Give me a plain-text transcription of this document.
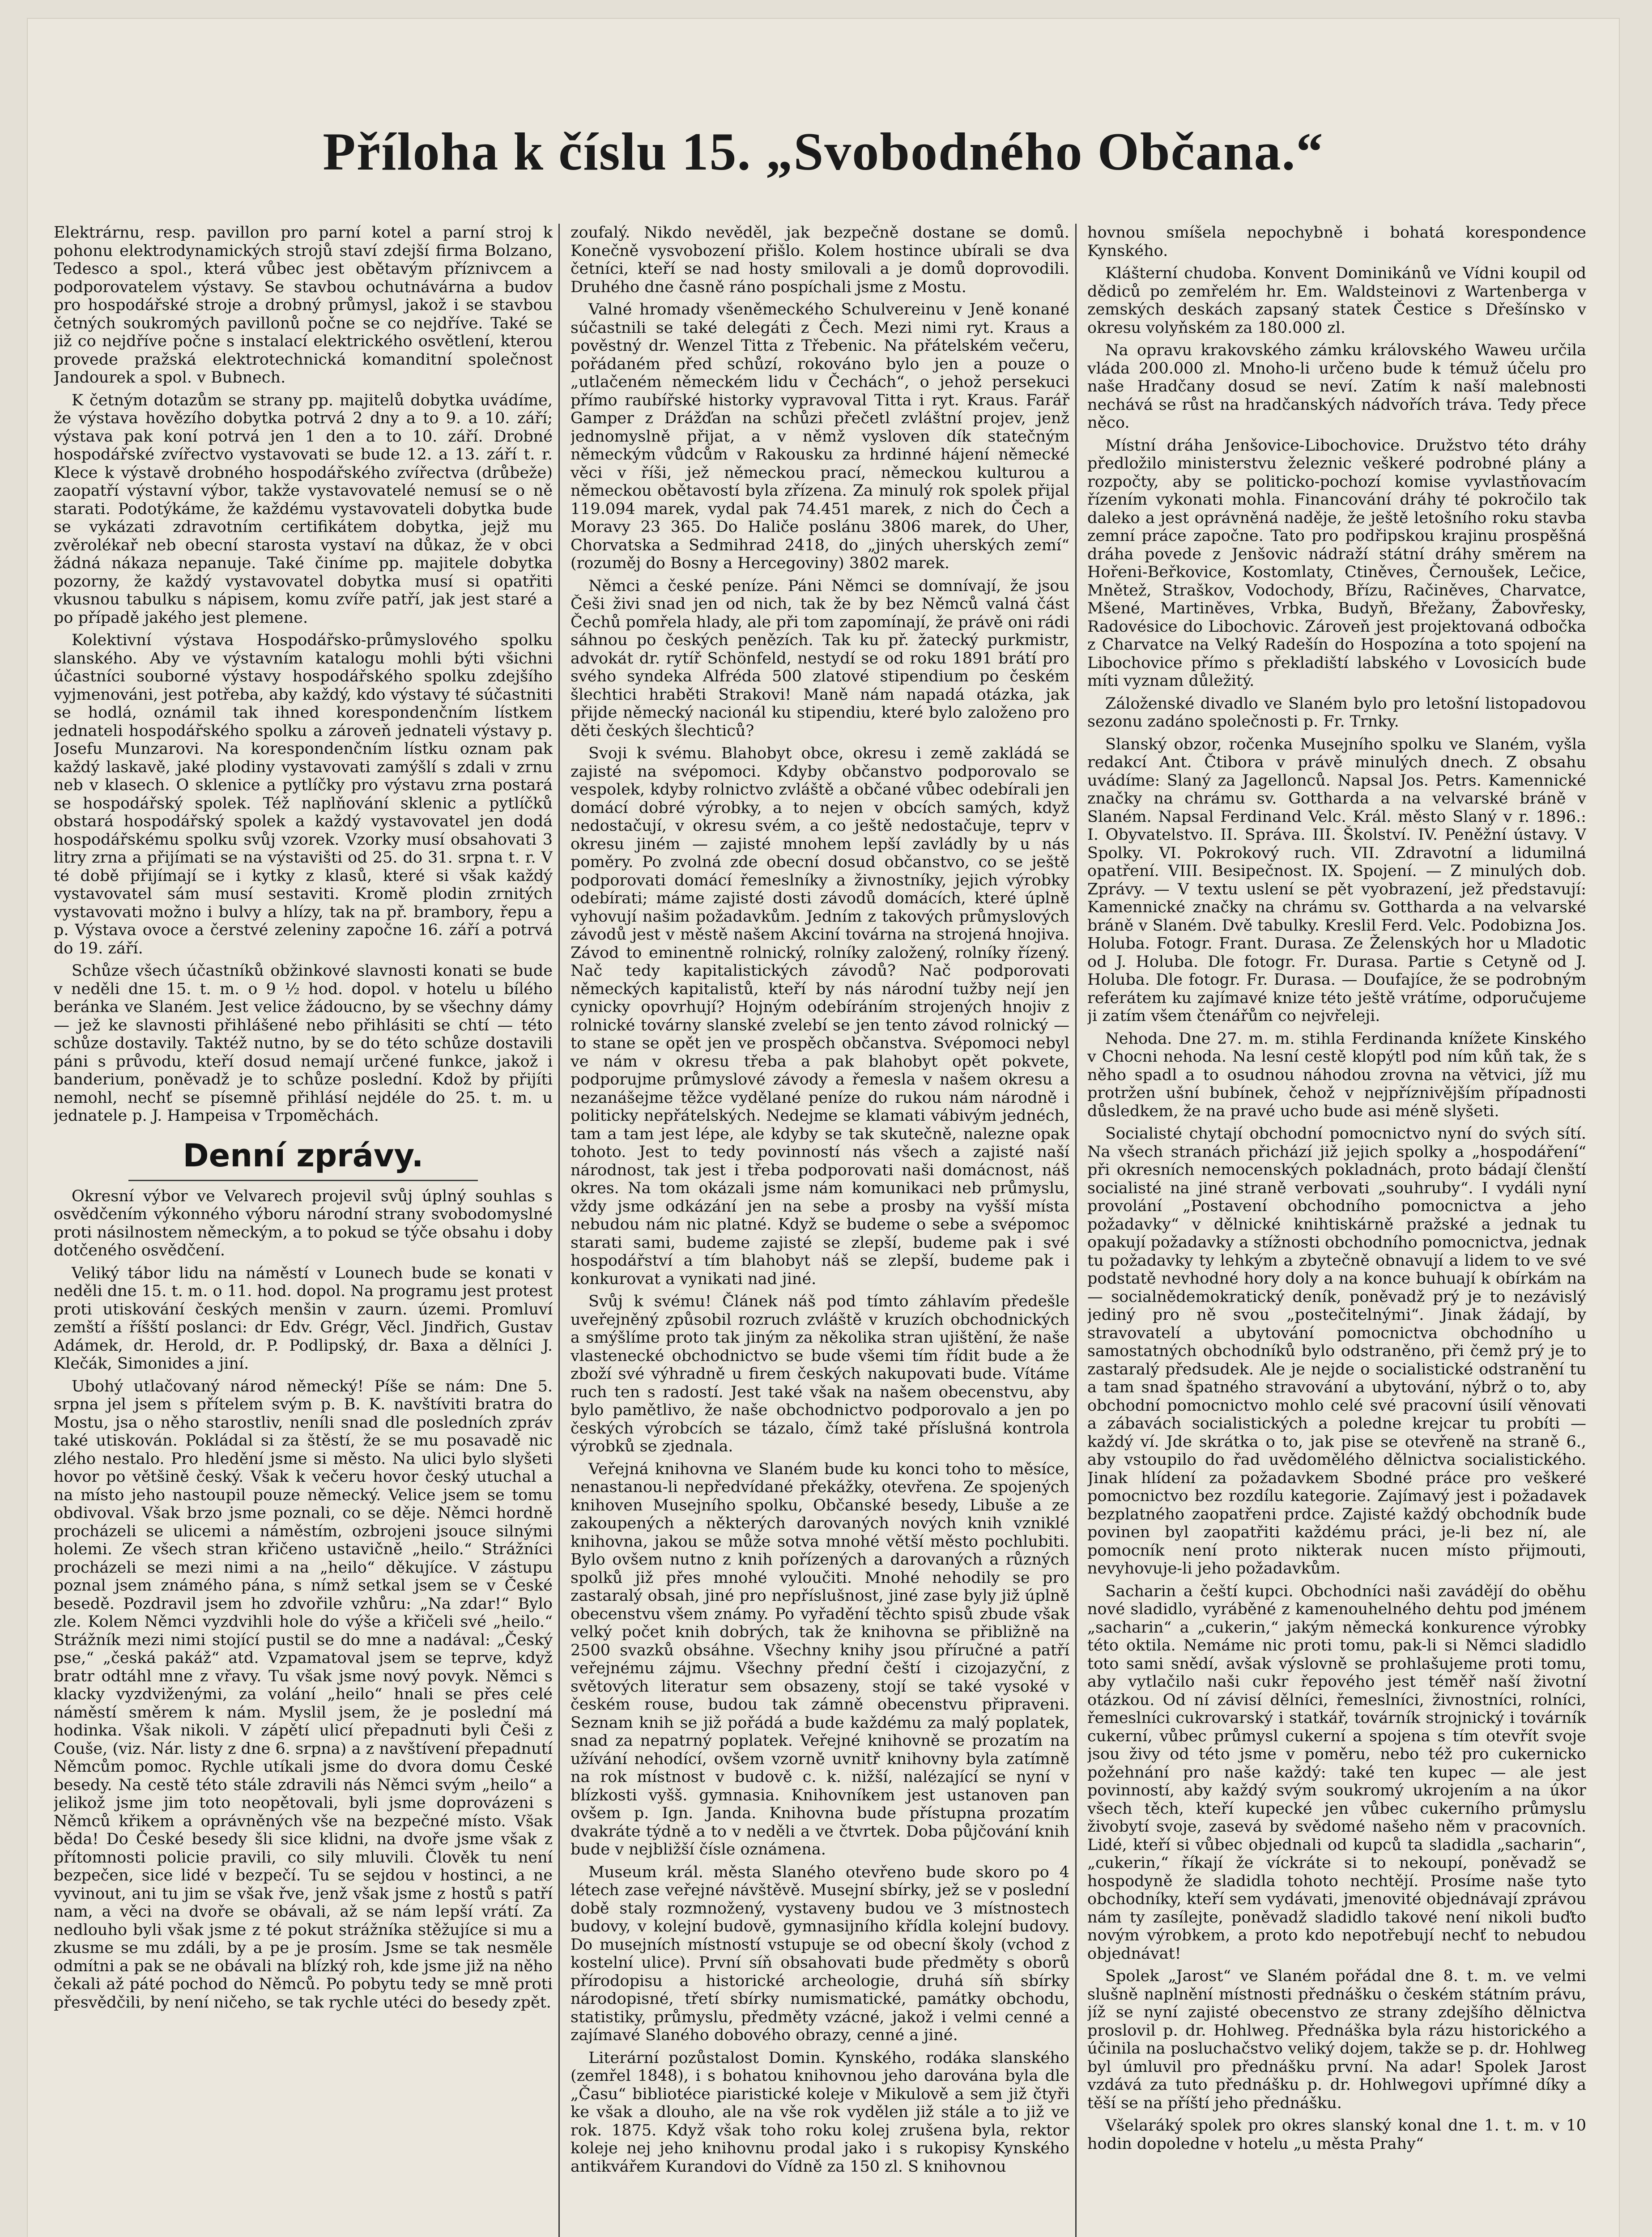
Příloha k číslu 15. „Svobodného Občana.“

Elektrárnu, resp. pavillon pro parní kotel a parní stroj k pohonu elektrodynamických strojů staví zdejší firma Bolzano, Tedesco a spol., která vůbec jest obětavým příznivcem a podporovatelem výstavy. Se stavbou ochutnávárna a budov pro hospodářské stroje a drobný průmysl, jakož i se stavbou četných soukromých pavillonů počne se co nejdříve. Také se již co nejdříve počne s instalací elektrického osvětlení, kterou provede pražská elektrotechnická komanditní společnost Jandourek a spol. v Bubnech.

K četným dotazům se strany pp. majitelů dobytka uvádíme, že výstava hovězího dobytka potrvá 2 dny a to 9. a 10. září; výstava pak koní potrvá jen 1 den a to 10. září. Drobné hospodářské zvířectvo vystavovati se bude 12. a 13. září t. r. Klece k výstavě drobného hospodářského zvířectva (drůbeže) zaopatří výstavní výbor, takže vystavovatelé nemusí se o ně starati. Podotýkáme, že každému vystavovateli dobytka bude se vykázati zdravotním certifikátem dobytka, jejž mu zvěrolékař neb obecní starosta vystaví na důkaz, že v obci žádná nákaza nepanuje. Také činíme pp. majitele dobytka pozorny, že každý vystavovatel dobytka musí si opatřiti vkusnou tabulku s nápisem, komu zvíře patří, jak jest staré a po případě jakého jest plemene.

Kolektivní výstava Hospodářsko-průmyslového spolku slanského. Aby ve výstavním katalogu mohli býti všichni účastníci souborné výstavy hospodářského spolku zdejšího vyjmenováni, jest potřeba, aby každý, kdo výstavy té súčastniti se hodlá, oznámil tak ihned korespondenčním lístkem jednateli hospodářského spolku a zároveň jednateli výstavy p. Josefu Munzarovi. Na korespondenčním lístku oznam pak každý laskavě, jaké plodiny vystavovati zamýšlí s zdali v zrnu neb v klasech. O sklenice a pytlíčky pro výstavu zrna postará se hospodářský spolek. Též naplňování sklenic a pytlíčků obstará hospodářský spolek a každý vystavovatel jen dodá hospodářskému spolku svůj vzorek. Vzorky musí obsahovati 3 litry zrna a přijímati se na výstavišti od 25. do 31. srpna t. r. V té době přijímají se i kytky z klasů, které si však každý vystavovatel sám musí sestaviti. Kromě plodin zrnitých vystavovati možno i bulvy a hlízy, tak na př. brambory, řepu a p. Výstava ovoce a čerstvé zeleniny započne 16. září a potrvá do 19. září.

Schůze všech účastníků obžinkové slavnosti konati se bude v neděli dne 15. t. m. o 9 ½ hod. dopol. v hotelu u bílého beránka ve Slaném. Jest velice žádoucno, by se všechny dámy — jež ke slavnosti přihlášené nebo přihlásiti se chtí — této schůze dostavily. Taktéž nutno, by se do této schůze dostavili páni s průvodu, kteří dosud nemají určené funkce, jakož i banderium, poněvadž je to schůze poslední. Kdož by přijíti nemohl, nechť se písemně přihlásí nejdéle do 25. t. m. u jednatele p. J. Hampeisa v Trpoměchách.

Denní zprávy.

Okresní výbor ve Velvarech projevil svůj úplný souhlas s osvědčením výkonného výboru národní strany svobodomyslné proti násilnostem německým, a to pokud se týče obsahu i doby dotčeného osvědčení.

Veliký tábor lidu na náměstí v Lounech bude se konati v neděli dne 15. t. m. o 11. hod. dopol. Na programu jest protest proti utiskování českých menšin v zaurn. územi. Promluví zemští a říšští poslanci: dr Edv. Grégr, Věcl. Jindřich, Gustav Adámek, dr. Herold, dr. P. Podlipský, dr. Baxa a dělníci J. Klečák, Simonides a jiní.

Ubohý utlačovaný národ německý! Píše se nám: Dne 5. srpna jel jsem s přítelem svým p. B. K. navštíviti bratra do Mostu, jsa o něho starostliv, neníli snad dle posledních zpráv také utiskován. Pokládal si za štěstí, že se mu posavadě nic zlého nestalo. Pro hledění jsme si město. Na ulici bylo slyšeti hovor po většině český. Však k večeru hovor český utuchal a na místo jeho nastoupil pouze německý. Velice jsem se tomu obdivoval. Však brzo jsme poznali, co se děje. Němci hordně procházeli se ulicemi a náměstím, ozbrojeni jsouce silnými holemi. Ze všech stran křičeno ustavičně „heilo.“ Strážníci procházeli se mezi nimi a na „heilo“ děkujíce. V zástupu poznal jsem známého pána, s nímž setkal jsem se v České besedě. Pozdravil jsem ho zdvořile vzhůru: „Na zdar!“ Bylo zle. Kolem Němci vyzdvihli hole do výše a křičeli své „heilo.“ Strážník mezi nimi stojící pustil se do mne a nadával: „Český pse,“ „česká pakáž“ atd. Vzpamatoval jsem se teprve, když bratr odtáhl mne z vřavy. Tu však jsme nový povyk. Němci s klacky vyzdviženými, za volání „heilo“ hnali se přes celé náměstí směrem k nám. Myslil jsem, že je poslední má hodinka. Však nikoli. V zápětí ulicí přepadnuti byli Češi z Couše, (viz. Nár. listy z dne 6. srpna) a z navštívení přepadnutí Němcům pomoc. Rychle utíkali jsme do dvora domu České besedy. Na cestě této stále zdravili nás Němci svým „heilo“ a jelikož jsme jim toto neopětovali, byli jsme doprovázeni s Němců křikem a oprávněných vše na bezpečné místo. Však běda! Do České besedy šli sice klidni, na dvoře jsme však z přítomnosti policie pravili, co sily mluvili. Člověk tu není bezpečen, sice lidé v bezpečí. Tu se sejdou v hostinci, a ne vyvinout, ani tu jim se však řve, jenž však jsme z hostů s patří nam, a věci na dvoře se obávali, až se nám lepší vrátí. Za nedlouho byli však jsme z té pokut strážníka stěžujíce si mu a zkusme se mu zdáli, by a pe je prosím. Jsme se tak nesměle odmítni a pak se ne obávali na blízký roh, kde jsme již na něho čekali až páté pochod do Němců. Po pobytu tedy se mně proti přesvědčili, by není ničeho, se tak rychle utéci do besedy zpět.

zoufalý. Nikdo nevěděl, jak bezpečně dostane se domů. Konečně vysvobození přišlo. Kolem hostince ubírali se dva četníci, kteří se nad hosty smilovali a je domů doprovodili. Druhého dne časně ráno pospíchali jsme z Mostu.

Valné hromady všeněmeckého Schulvereinu v Jeně konané súčastnili se také delegáti z Čech. Mezi nimi ryt. Kraus a pověstný dr. Wenzel Titta z Třebenic. Na přátelském večeru, pořádaném před schůzí, rokováno bylo jen a pouze o „utlačeném německém lidu v Čechách“, o jehož persekuci přímo raubířské historky vypravoval Titta i ryt. Kraus. Farář Gamper z Drážďan na schůzi přečetl zvláštní projev, jenž jednomyslně přijat, a v němž vysloven dík statečným německým vůdcům v Rakousku za hrdinné hájení německé věci v říši, jež německou prací, německou kulturou a německou obětavostí byla zřízena. Za minulý rok spolek přijal 119.094 marek, vydal pak 74.451 marek, z nich do Čech a Moravy 23 365. Do Haliče poslánu 3806 marek, do Uher, Chorvatska a Sedmihrad 2418, do „jiných uherských zemí“ (rozuměj do Bosny a Hercegoviny) 3802 marek.

Němci a české peníze. Páni Němci se domnívají, že jsou Češi živi snad jen od nich, tak že by bez Němců valná část Čechů pomřela hlady, ale při tom zapomínají, že právě oni rádi sáhnou po českých penězích. Tak ku př. žatecký purkmistr, advokát dr. rytíř Schönfeld, nestydí se od roku 1891 brátí pro svého syndeka Alfréda 500 zlatové stipendium po českém šlechtici hraběti Strakovi! Maně nám napadá otázka, jak přijde německý nacionál ku stipendiu, které bylo založeno pro děti českých šlechticů?

Svoji k svému. Blahobyt obce, okresu i země zakládá se zajisté na svépomoci. Kdyby občanstvo podporovalo se vespolek, kdyby rolnictvo zvláště a občané vůbec odebírali jen domácí dobré výrobky, a to nejen v obcích samých, když nedostačují, v okresu svém, a co ještě nedostačuje, teprv v okresu jiném — zajisté mnohem lepší zavládly by u nás poměry. Po zvolná zde obecní dosud občanstvo, co se ještě podporovati domácí řemeslníky a živnostníky, jejich výrobky odebírati; máme zajisté dosti závodů domácích, které úplně vyhovují našim požadavkům. Jedním z takových průmyslových závodů jest v městě našem Akciní továrna na strojená hnojiva. Závod to eminentně rolnický, rolníky založený, rolníky řízený. Nač tedy kapitalistických závodů? Nač podporovati německých kapitalistů, kteří by nás národní tužby nejí jen cynicky opovrhují? Hojným odebíráním strojených hnojiv z rolnické továrny slanské zvelebí se jen tento závod rolnický — to stane se opět jen ve prospěch občanstva. Svépomoci nebyl ve nám v okresu třeba a pak blahobyt opět pokvete, podporujme průmyslové závody a řemesla v našem okresu a nezanášejme těžce vydělané peníze do rukou nám národně i politicky nepřátelských. Nedejme se klamati vábivým jednéch, tam a tam jest lépe, ale kdyby se tak skutečně, nalezne opak tohoto. Jest to tedy povinností nás všech a zajisté naší národnost, tak jest i třeba podporovati naši domácnost, náš okres. Na tom okázali jsme nám komunikaci neb průmyslu, vždy jsme odkázání jen na sebe a prosby na vyšší místa nebudou nám nic platné. Když se budeme o sebe a svépomoc starati sami, budeme zajisté se zlepší, budeme pak i své hospodářství a tím blahobyt náš se zlepší, budeme pak i konkurovat a vynikati nad jiné.

Svůj k svému! Článek náš pod tímto záhlavím předešle uveřejněný způsobil rozruch zvláště v kruzích obchodnických a smýšlíme proto tak jiným za několika stran ujištění, že naše vlastenecké obchodnictvo se bude všemi tím řídit bude a že zboží své výhradně u firem českých nakupovati bude. Vítáme ruch ten s radostí. Jest také však na našem obecenstvu, aby bylo pamětlivo, že naše obchodnictvo podporovalo a jen po českých výrobcích se tázalo, čímž také příslušná kontrola výrobků se zjednala.

Veřejná knihovna ve Slaném bude ku konci toho to měsíce, nenastanou-li nepředvídané překážky, otevřena. Ze spojených knihoven Musejního spolku, Občanské besedy, Libuše a ze zakoupených a některých darovaných nových knih vzniklé knihovna, jakou se může sotva mnohé větší město pochlubiti. Bylo ovšem nutno z knih pořízených a darovaných a různých spolků již přes mnohé vyloučiti. Mnohé nehodily se pro zastaralý obsah, jiné pro nepříslušnost, jiné zase byly již úplně obecenstvu všem známy. Po vyřadění těchto spisů zbude však velký počet knih dobrých, tak že knihovna se přibližně na 2500 svazků obsáhne. Všechny knihy jsou příručné a patří veřejnému zájmu. Všechny přední čeští i cizojazyční, z světových literatur sem obsazeny, stojí se také vysoké v českém rouse, budou tak zámně obecenstvu připraveni. Seznam knih se již pořádá a bude každému za malý poplatek, snad za nepatrný poplatek. Veřejné knihovně se prozatím na užívání nehodící, ovšem vzorně uvnitř knihovny byla zatímně na rok místnost v budově c. k. nižší, nalézající se nyní v blízkosti vyšš. gymnasia. Knihovníkem jest ustanoven pan ovšem p. Ign. Janda. Knihovna bude přístupna prozatím dvakráte týdně a to v neděli a ve čtvrtek. Doba půjčování knih bude v nejbližší čísle oznámena.

Museum král. města Slaného otevřeno bude skoro po 4 létech zase veřejné návštěvě. Musejní sbírky, jež se v poslední době staly rozmnožený, vystaveny budou ve 3 místnostech budovy, v kolejní budově, gymnasijního křídla kolejní budovy. Do musejních místností vstupuje se od obecní školy (vchod z kostelní ulice). První síň obsahovati bude předměty s oborů přírodopisu a historické archeologie, druhá síň sbírky národopisné, třetí sbírky numismatické, památky obchodu, statistiky, průmyslu, předměty vzácné, jakož i velmi cenné a zajímavé Slaného dobového obrazy, cenné a jiné.

Literární pozůstalost Domin. Kynského, rodáka slanského (zemřel 1848), i s bohatou knihovnou jeho darována byla dle „Času“ bibliotéce piaristické koleje v Mikulově a sem již čtyři ke však a dlouho, ale na vše rok vydělen již stále a to již ve rok. 1875. Když však toho roku kolej zrušena byla, rektor koleje nej jeho knihovnu prodal jako i s rukopisy Kynského antikvářem Kurandovi do Vídně za 150 zl. S knihovnou

hovnou smíšela nepochybně i bohatá korespondence Kynského.

Klášterní chudoba. Konvent Dominikánů ve Vídni koupil od dědiců po zemřelém hr. Em. Waldsteinovi z Wartenberga v zemských deskách zapsaný statek Čestice s Dřešínsko v okresu volyňském za 180.000 zl.

Na opravu krakovského zámku královského Waweu určila vláda 200.000 zl. Mnoho-li určeno bude k témuž účelu pro naše Hradčany dosud se neví. Zatím k naší malebnosti nechává se růst na hradčanských nádvořích tráva. Tedy přece něco.

Místní dráha Jenšovice-Libochovice. Družstvo této dráhy předložilo ministerstvu železnic veškeré podrobné plány a rozpočty, aby se politicko-pochozí komise vyvlastňovacím řízením vykonati mohla. Financování dráhy té pokročilo tak daleko a jest oprávněná naděje, že ještě letošního roku stavba zemní práce započne. Tato pro podřipskou krajinu prospěšná dráha povede z Jenšovic nádraží státní dráhy směrem na Hořeni-Beřkovice, Kostomlaty, Ctiněves, Černoušek, Lečice, Mnětež, Straškov, Vodochody, Břízu, Račiněves, Charvatce, Mšené, Martiněves, Vrbka, Budyň, Břežany, Žabovřesky, Radovésice do Libochovic. Zároveň jest projektovaná odbočka z Charvatce na Velký Radešín do Hospozína a toto spojení na Libochovice přímo s překladiští labského v Lovosicích bude míti vyznam důležitý.

Záloženské divadlo ve Slaném bylo pro letošní listopadovou sezonu zadáno společnosti p. Fr. Trnky.

Slanský obzor, ročenka Musejního spolku ve Slaném, vyšla redakcí Ant. Čtibora v právě minulých dnech. Z obsahu uvádíme: Slaný za Jagellonců. Napsal Jos. Petrs. Kamennické značky na chrámu sv. Gottharda a na velvarské bráně v Slaném. Napsal Ferdinand Velc. Král. město Slaný v r. 1896.: I. Obyvatelstvo. II. Správa. III. Školství. IV. Peněžní ústavy. V Spolky. VI. Pokrokový ruch. VII. Zdravotní a lidumilná opatření. VIII. Besipečnost. IX. Spojení. — Z minulých dob. Zprávy. — V textu uslení se pět vyobrazení, jež představují: Kamennické značky na chrámu sv. Gottharda a na velvarské bráně v Slaném. Dvě tabulky. Kreslil Ferd. Velc. Podobizna Jos. Holuba. Fotogr. Frant. Durasa. Ze Želenských hor u Mladotic od J. Holuba. Dle fotogr. Fr. Durasa. Partie s Cetyně od J. Holuba. Dle fotogr. Fr. Durasa. — Doufajíce, že se podrobným referátem ku zajímavé knize této ještě vrátíme, odporučujeme ji zatím všem čtenářům co nejvřeleji.

Nehoda. Dne 27. m. m. stihla Ferdinanda knížete Kinského v Chocni nehoda. Na lesní cestě klopýtl pod ním kůň tak, že s něho spadl a to osudnou náhodou zrovna na větvici, jíž mu protržen ušní bubínek, čehož v nejpříznivějším případnosti důsledkem, že na pravé ucho bude asi méně slyšeti.

Socialisté chytají obchodní pomocnictvo nyní do svých sítí. Na všech stranách přichází již jejich spolky a „hospodáření“ při okresních nemocenských pokladnách, proto bádají členští socialisté na jiné straně verbovati „souhruby“. I vydáli nyní provolání „Postavení obchodního pomocnictva a jeho požadavky“ v dělnické knihtiskárně pražské a jednak tu opakují požadavky a stížnosti obchodního pomocnictva, jednak tu požadavky ty lehkým a zbytečně obnavují a lidem to ve své podstatě nevhodné hory doly a na konce buhuají k obírkám na — socialnědemokratický deník, poněvadž prý je to nezávislý jediný pro ně svou „postečitelnými“. Jinak žádají, by stravovatelí a ubytování pomocnictva obchodního u samostatných obchodníků bylo odstraněno, při čemž prý je to zastaralý předsudek. Ale je nejde o socialistické odstranění tu a tam snad špatného stravování a ubytování, nýbrž o to, aby obchodní pomocnictvo mohlo celé své pracovní úsilí věnovati a zábavách socialistických a poledne krejcar tu probíti — každý ví. Jde skrátka o to, jak pise se otevřeně na straně 6., aby vstoupilo do řad uvědomělého dělnictva socialistického. Jinak hlídení za požadavkem Sbodné práce pro veškeré pomocnictvo bez rozdílu kategorie. Zajímavý jest i požadavek bezplatného zaopatřeni prdce. Zajisté každý obchodník bude povinen byl zaopatřiti každému práci, je-li bez ní, ale pomocník není proto nikterak nucen místo přijmouti, nevyhovuje-li jeho požadavkům.

Sacharin a čeští kupci. Obchodníci naši zavádějí do oběhu nové sladidlo, vyráběné z kamenouhelného dehtu pod jménem „sacharin“ a „cukerin,“ jakým německá konkurence výrobky této oktila. Nemáme nic proti tomu, pak-li si Němci sladidlo toto sami snědí, avšak výslovně se prohlašujeme proti tomu, aby vytlačilo naši cukr řepového jest téměř naší životní otázkou. Od ní závisí dělníci, řemeslníci, živnostníci, rolníci, řemeslníci cukrovarský i statkář, továrník strojnický i továrník cukerní, vůbec průmysl cukerní a spojena s tím otevřít svoje jsou živy od této jsme v poměru, nebo též pro cukernicko požehnání pro naše každý: také ten kupec — ale jest povinností, aby každý svým soukromý ukrojením a na úkor všech těch, kteří kupecké jen vůbec cukerního průmyslu živobytí svoje, zasevá by svědomé našeho něm v pracovních. Lidé, kteří si vůbec objednali od kupců ta sladidla „sacharin“, „cukerin,“ říkají že víckráte si to nekoupí, poněvadž se hospodyně že sladidla tohoto nechtějí. Prosíme naše tyto obchodníky, kteří sem vydávati, jmenovité objednávají zprávou nám ty zasílejte, poněvadž sladidlo takové není nikoli buďto novým výrobkem, a proto kdo nepotřebují nechť to nebudou objednávat!

Spolek „Jarost“ ve Slaném pořádal dne 8. t. m. ve velmi slušně naplnění místnosti přednášku o českém státním právu, jíž se nyní zajisté obecenstvo ze strany zdejšího dělnictva proslovil p. dr. Hohlweg. Přednáška byla rázu historického a účinila na posluchačstvo veliký dojem, takže se p. dr. Hohlweg byl úmluvil pro přednášku první. Na adar! Spolek Jarost vzdává za tuto přednášku p. dr. Hohlwegovi upřímné díky a těší se na příští jeho přednášku.

Všelaráký spolek pro okres slanský konal dne 1. t. m. v 10 hodin dopoledne v hotelu „u města Prahy“
